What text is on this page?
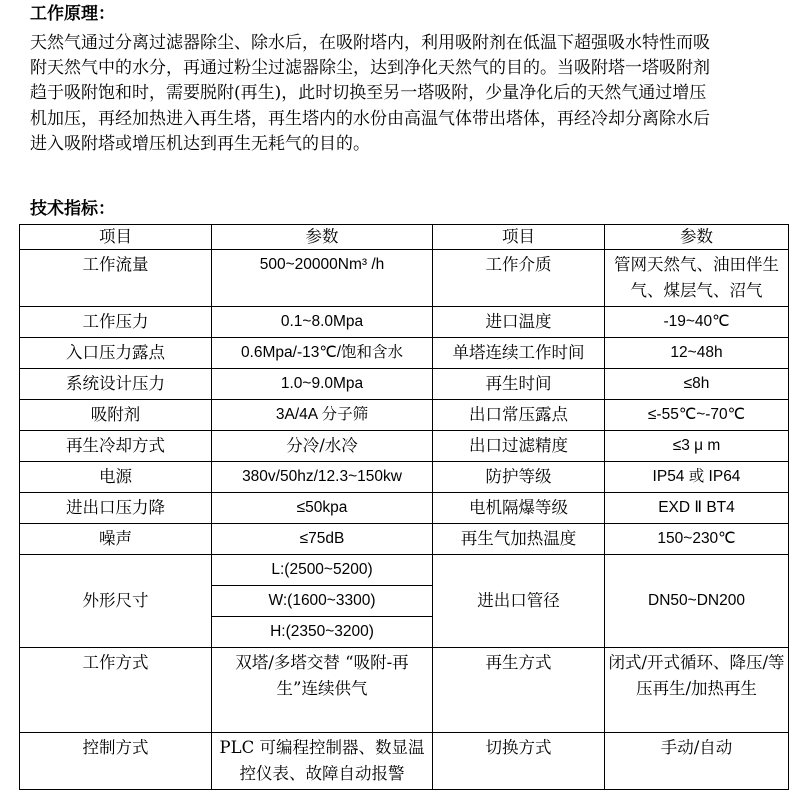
工作原理：

天然气通过分离过滤器除尘、除水后，在吸附塔内，利用吸附剂在低温下超强吸水特性而吸
附天然气中的水分，再通过粉尘过滤器除尘，达到净化天然气的目的。当吸附塔一塔吸附剂
趋于吸附饱和时，需要脱附(再生)，此时切换至另一塔吸附，少量净化后的天然气通过增压
机加压，再经加热进入再生塔，再生塔内的水份由高温气体带出塔体，再经冷却分离除水后
进入吸附塔或增压机达到再生无耗气的目的。

技术指标：

项目	参数	项目	参数
工作流量	500~20000Nm³ /h	工作介质	管网天然气、油田伴生气、煤层气、沼气
工作压力	0.1~8.0Mpa	进口温度	-19~40℃
入口压力露点	0.6Mpa/-13℃/饱和含水	单塔连续工作时间	12~48h
系统设计压力	1.0~9.0Mpa	再生时间	≤8h
吸附剂	3A/4A 分子筛	出口常压露点	≤-55℃~-70℃
再生冷却方式	分冷/水冷	出口过滤精度	≤3 μ m
电源	380v/50hz/12.3~150kw	防护等级	IP54 或 IP64
进出口压力降	≤50kpa	电机隔爆等级	EXD Ⅱ BT4
噪声	≤75dB	再生气加热温度	150~230℃
外形尺寸	L:(2500~5200)	进出口管径	DN50~DN200
	W:(1600~3300)		
	H:(2350~3200)		
工作方式	双塔/多塔交替 “吸附-再生”连续供气	再生方式	闭式/开式循环、降压/等压再生/加热再生
控制方式	PLC 可编程控制器、数显温控仪表、故障自动报警	切换方式	手动/自动
